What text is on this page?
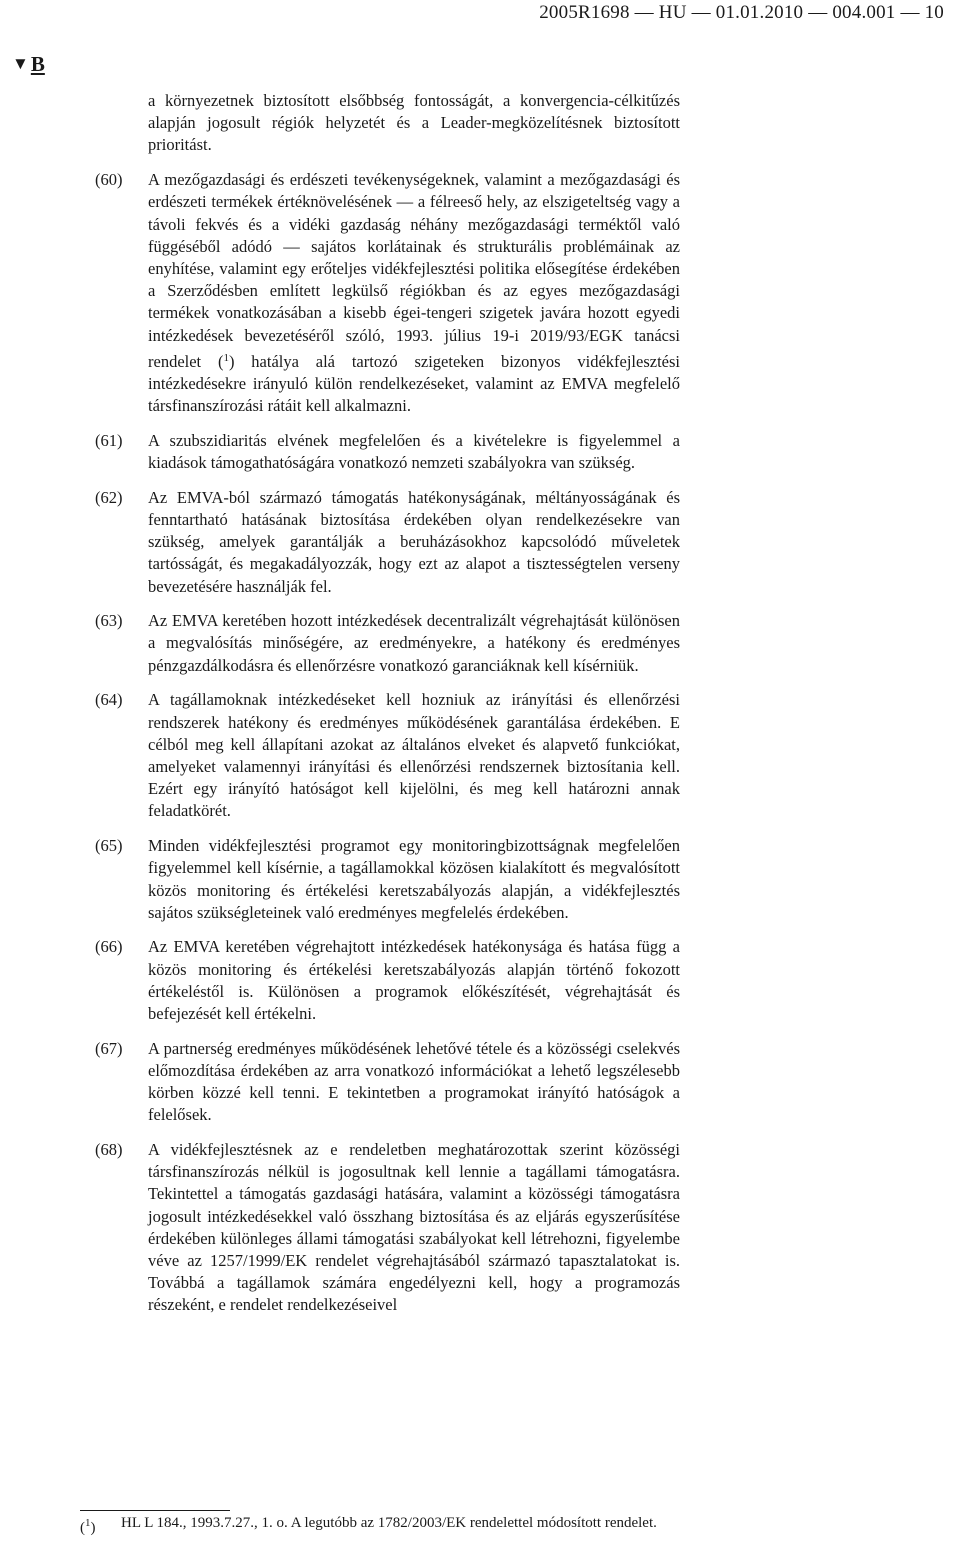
2005R1698 — HU — 01.01.2010 — 004.001 — 10
▼B
a környezetnek biztosított elsőbbség fontosságát, a konvergencia-célkitűzés alapján jogosult régiók helyzetét és a Leader-megközelítésnek biztosított prioritást.
(60)	A mezőgazdasági és erdészeti tevékenységeknek, valamint a mezőgazdasági és erdészeti termékek értéknövelésének — a félreeső hely, az elszigeteltség vagy a távoli fekvés és a vidéki gazdaság néhány mezőgazdasági terméktől való függéséből adódó — sajátos korlátainak és strukturális problémáinak az enyhítése, valamint egy erőteljes vidékfejlesztési politika elősegítése érdekében a Szerződésben említett legkülső régiókban és az egyes mezőgazdasági termékek vonatkozásában a kisebb égei-tengeri szigetek javára hozott egyedi intézkedések bevezetéséről szóló, 1993. július 19-i 2019/93/EGK tanácsi rendelet ($^1$) hatálya alá tartozó szigeteken bizonyos vidékfejlesztési intézkedésekre irányuló külön rendelkezéseket, valamint az EMVA megfelelő társfinanszírozási rátáit kell alkalmazni.
(61)	A szubszidiaritás elvének megfelelően és a kivételekre is figyelemmel a kiadások támogathatóságára vonatkozó nemzeti szabályokra van szükség.
(62)	Az EMVA-ból származó támogatás hatékonyságának, méltányosságának és fenntartható hatásának biztosítása érdekében olyan rendelkezésekre van szükség, amelyek garantálják a beruházásokhoz kapcsolódó műveletek tartósságát, és megakadályozzák, hogy ezt az alapot a tisztességtelen verseny bevezetésére használják fel.
(63)	Az EMVA keretében hozott intézkedések decentralizált végrehajtását különösen a megvalósítás minőségére, az eredményekre, a hatékony és eredményes pénzgazdálkodásra és ellenőrzésre vonatkozó garanciáknak kell kísérniük.
(64)	A tagállamoknak intézkedéseket kell hozniuk az irányítási és ellenőrzési rendszerek hatékony és eredményes működésének garantálása érdekében. E célból meg kell állapítani azokat az általános elveket és alapvető funkciókat, amelyeket valamennyi irányítási és ellenőrzési rendszernek biztosítania kell. Ezért egy irányító hatóságot kell kijelölni, és meg kell határozni annak feladatkörét.
(65)	Minden vidékfejlesztési programot egy monitoringbizottságnak megfelelően figyelemmel kell kísérnie, a tagállamokkal közösen kialakított és megvalósított közös monitoring és értékelési keretszabályozás alapján, a vidékfejlesztés sajátos szükségleteinek való eredményes megfelelés érdekében.
(66)	Az EMVA keretében végrehajtott intézkedések hatékonysága és hatása függ a közös monitoring és értékelési keretszabályozás alapján történő fokozott értékeléstől is. Különösen a programok előkészítését, végrehajtását és befejezését kell értékelni.
(67)	A partnerség eredményes működésének lehetővé tétele és a közösségi cselekvés előmozdítása érdekében az arra vonatkozó információkat a lehető legszélesebb körben közzé kell tenni. E tekintetben a programokat irányító hatóságok a felelősek.
(68)	A vidékfejlesztésnek az e rendeletben meghatározottak szerint közösségi társfinanszírozás nélkül is jogosultnak kell lennie a tagállami támogatásra. Tekintettel a támogatás gazdasági hatására, valamint a közösségi támogatásra jogosult intézkedésekkel való összhang biztosítása és az eljárás egyszerűsítése érdekében különleges állami támogatási szabályokat kell létrehozni, figyelembe véve az 1257/1999/EK rendelet végrehajtásából származó tapasztalatokat is. Továbbá a tagállamok számára engedélyezni kell, hogy a programozás részeként, e rendelet rendelkezéseivel
($^1$)	HL L 184., 1993.7.27., 1. o. A legutóbb az 1782/2003/EK rendelettel módosított rendelet.
